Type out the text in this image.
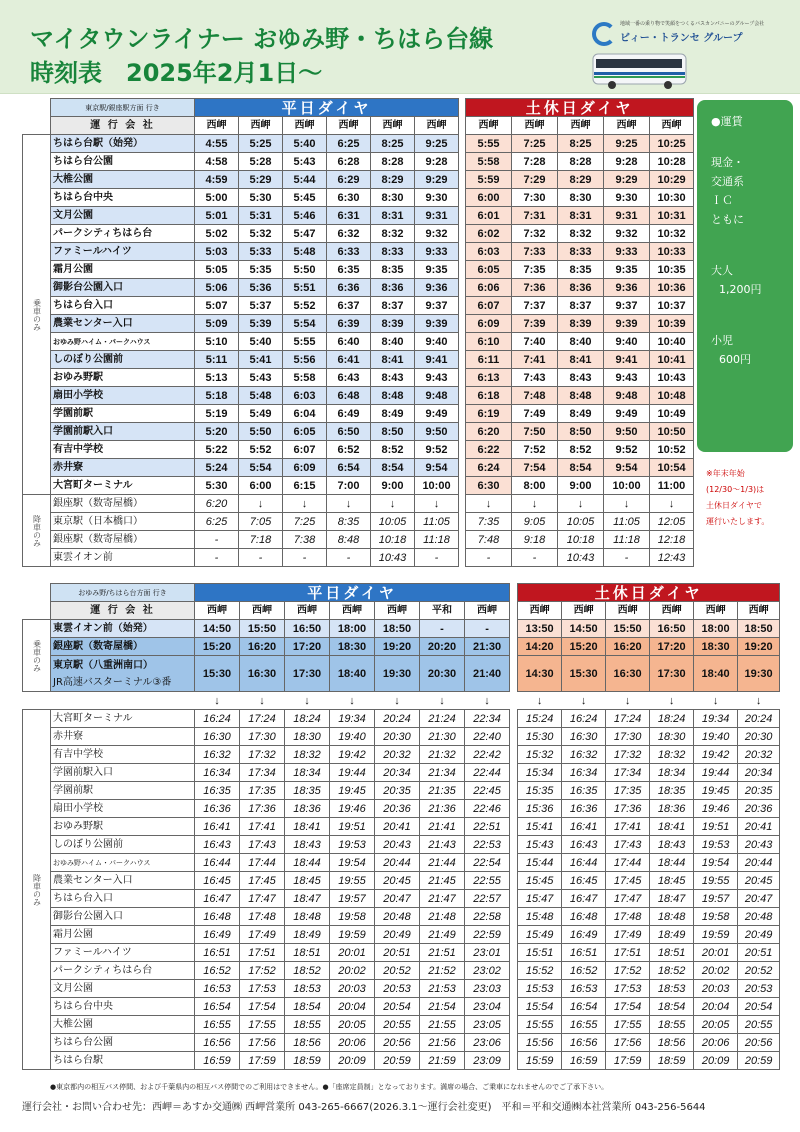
マイタウンライナー おゆみ野・ちはら台線
時刻表　2025年2月1日〜
地域一番の乗り物で笑顔をつくるバスカンパニーのグループ会社
ビィー・トランセ グループ
	東京駅/銀座駅方面 行き	平日ダイヤ							土休日ダイヤ				
	運 行 会 社	西岬	西岬	西岬	西岬	西岬	西岬		西岬	西岬	西岬	西岬	西岬
乗車のみ	ちはら台駅（始発）	4:55	5:25	5:40	6:25	8:25	9:25		5:55	7:25	8:25	9:25	10:25
	ちはら台公園	4:58	5:28	5:43	6:28	8:28	9:28		5:58	7:28	8:28	9:28	10:28
	大椎公園	4:59	5:29	5:44	6:29	8:29	9:29		5:59	7:29	8:29	9:29	10:29
	ちはら台中央	5:00	5:30	5:45	6:30	8:30	9:30		6:00	7:30	8:30	9:30	10:30
	文月公園	5:01	5:31	5:46	6:31	8:31	9:31		6:01	7:31	8:31	9:31	10:31
	パークシティちはら台	5:02	5:32	5:47	6:32	8:32	9:32		6:02	7:32	8:32	9:32	10:32
	ファミールハイツ	5:03	5:33	5:48	6:33	8:33	9:33		6:03	7:33	8:33	9:33	10:33
	霜月公園	5:05	5:35	5:50	6:35	8:35	9:35		6:05	7:35	8:35	9:35	10:35
	御影台公園入口	5:06	5:36	5:51	6:36	8:36	9:36		6:06	7:36	8:36	9:36	10:36
	ちはら台入口	5:07	5:37	5:52	6:37	8:37	9:37		6:07	7:37	8:37	9:37	10:37
	農業センター入口	5:09	5:39	5:54	6:39	8:39	9:39		6:09	7:39	8:39	9:39	10:39
	おゆみ野ハイム・パークハウス	5:10	5:40	5:55	6:40	8:40	9:40		6:10	7:40	8:40	9:40	10:40
	しのぼり公園前	5:11	5:41	5:56	6:41	8:41	9:41		6:11	7:41	8:41	9:41	10:41
	おゆみ野駅	5:13	5:43	5:58	6:43	8:43	9:43		6:13	7:43	8:43	9:43	10:43
	扇田小学校	5:18	5:48	6:03	6:48	8:48	9:48		6:18	7:48	8:48	9:48	10:48
	学園前駅	5:19	5:49	6:04	6:49	8:49	9:49		6:19	7:49	8:49	9:49	10:49
	学園前駅入口	5:20	5:50	6:05	6:50	8:50	9:50		6:20	7:50	8:50	9:50	10:50
	有吉中学校	5:22	5:52	6:07	6:52	8:52	9:52		6:22	7:52	8:52	9:52	10:52
	赤井寮	5:24	5:54	6:09	6:54	8:54	9:54		6:24	7:54	8:54	9:54	10:54
	大宮町ターミナル	5:30	6:00	6:15	7:00	9:00	10:00		6:30	8:00	9:00	10:00	11:00
降車のみ	銀座駅（数寄屋橋）	6:20	↓	↓	↓	↓	↓		↓	↓	↓	↓	↓
	東京駅（日本橋口）	6:25	7:05	7:25	8:35	10:05	11:05		7:35	9:05	10:05	11:05	12:05
	銀座駅（数寄屋橋）	-	7:18	7:38	8:48	10:18	11:18		7:48	9:18	10:18	11:18	12:18
	東雲イオン前	-	-	-	-	10:43	-		-	-	10:43	-	12:43
	おゆみ野/ちはら台方面 行き	平日ダイヤ								土休日ダイヤ					
	運 行 会 社	西岬	西岬	西岬	西岬	西岬	平和	西岬		西岬	西岬	西岬	西岬	西岬	西岬
乗車のみ	東雲イオン前（始発）	14:50	15:50	16:50	18:00	18:50	-	-		13:50	14:50	15:50	16:50	18:00	18:50
	銀座駅（数寄屋橋）	15:20	16:20	17:20	18:30	19:20	20:20	21:30		14:20	15:20	16:20	17:20	18:30	19:20

	東京駅（八重洲南口）
JR高速バスターミナル③番	15:30	16:30	17:30	18:40	19:30	20:30	21:40		14:30	15:30	16:30	17:30	18:40	19:30
		↓	↓	↓	↓	↓	↓	↓		↓	↓	↓	↓	↓	↓
降車のみ	大宮町ターミナル	16:24	17:24	18:24	19:34	20:24	21:24	22:34		15:24	16:24	17:24	18:24	19:34	20:24
	赤井寮	16:30	17:30	18:30	19:40	20:30	21:30	22:40		15:30	16:30	17:30	18:30	19:40	20:30
	有吉中学校	16:32	17:32	18:32	19:42	20:32	21:32	22:42		15:32	16:32	17:32	18:32	19:42	20:32
	学園前駅入口	16:34	17:34	18:34	19:44	20:34	21:34	22:44		15:34	16:34	17:34	18:34	19:44	20:34
	学園前駅	16:35	17:35	18:35	19:45	20:35	21:35	22:45		15:35	16:35	17:35	18:35	19:45	20:35
	扇田小学校	16:36	17:36	18:36	19:46	20:36	21:36	22:46		15:36	16:36	17:36	18:36	19:46	20:36
	おゆみ野駅	16:41	17:41	18:41	19:51	20:41	21:41	22:51		15:41	16:41	17:41	18:41	19:51	20:41
	しのぼり公園前	16:43	17:43	18:43	19:53	20:43	21:43	22:53		15:43	16:43	17:43	18:43	19:53	20:43
	おゆみ野ハイム・パークハウス	16:44	17:44	18:44	19:54	20:44	21:44	22:54		15:44	16:44	17:44	18:44	19:54	20:44
	農業センター入口	16:45	17:45	18:45	19:55	20:45	21:45	22:55		15:45	16:45	17:45	18:45	19:55	20:45
	ちはら台入口	16:47	17:47	18:47	19:57	20:47	21:47	22:57		15:47	16:47	17:47	18:47	19:57	20:47
	御影台公園入口	16:48	17:48	18:48	19:58	20:48	21:48	22:58		15:48	16:48	17:48	18:48	19:58	20:48
	霜月公園	16:49	17:49	18:49	19:59	20:49	21:49	22:59		15:49	16:49	17:49	18:49	19:59	20:49
	ファミールハイツ	16:51	17:51	18:51	20:01	20:51	21:51	23:01		15:51	16:51	17:51	18:51	20:01	20:51
	パークシティちはら台	16:52	17:52	18:52	20:02	20:52	21:52	23:02		15:52	16:52	17:52	18:52	20:02	20:52
	文月公園	16:53	17:53	18:53	20:03	20:53	21:53	23:03		15:53	16:53	17:53	18:53	20:03	20:53
	ちはら台中央	16:54	17:54	18:54	20:04	20:54	21:54	23:04		15:54	16:54	17:54	18:54	20:04	20:54
	大椎公園	16:55	17:55	18:55	20:05	20:55	21:55	23:05		15:55	16:55	17:55	18:55	20:05	20:55
	ちはら台公園	16:56	17:56	18:56	20:06	20:56	21:56	23:06		15:56	16:56	17:56	18:56	20:06	20:56
	ちはら台駅	16:59	17:59	18:59	20:09	20:59	21:59	23:09		15:59	16:59	17:59	18:59	20:09	20:59
●運賃
現金・
交通系
ＩＣ
ともに
大人
1,200円
小児
600円
※年末年始
(12/30〜1/3)は
土休日ダイヤで
運行いたします。
●東京都内の相互バス停間、および千葉県内の相互バス停間でのご利用はできません。●「座席定員制」となっております。満席の場合、ご乗車になれませんのでご了承下さい。
運行会社・お問い合わせ先：西岬＝あすか交通㈱ 西岬営業所 043-265-6667(2026.3.1〜運行会社変更)　平和＝平和交通㈱本社営業所 043-256-5644
